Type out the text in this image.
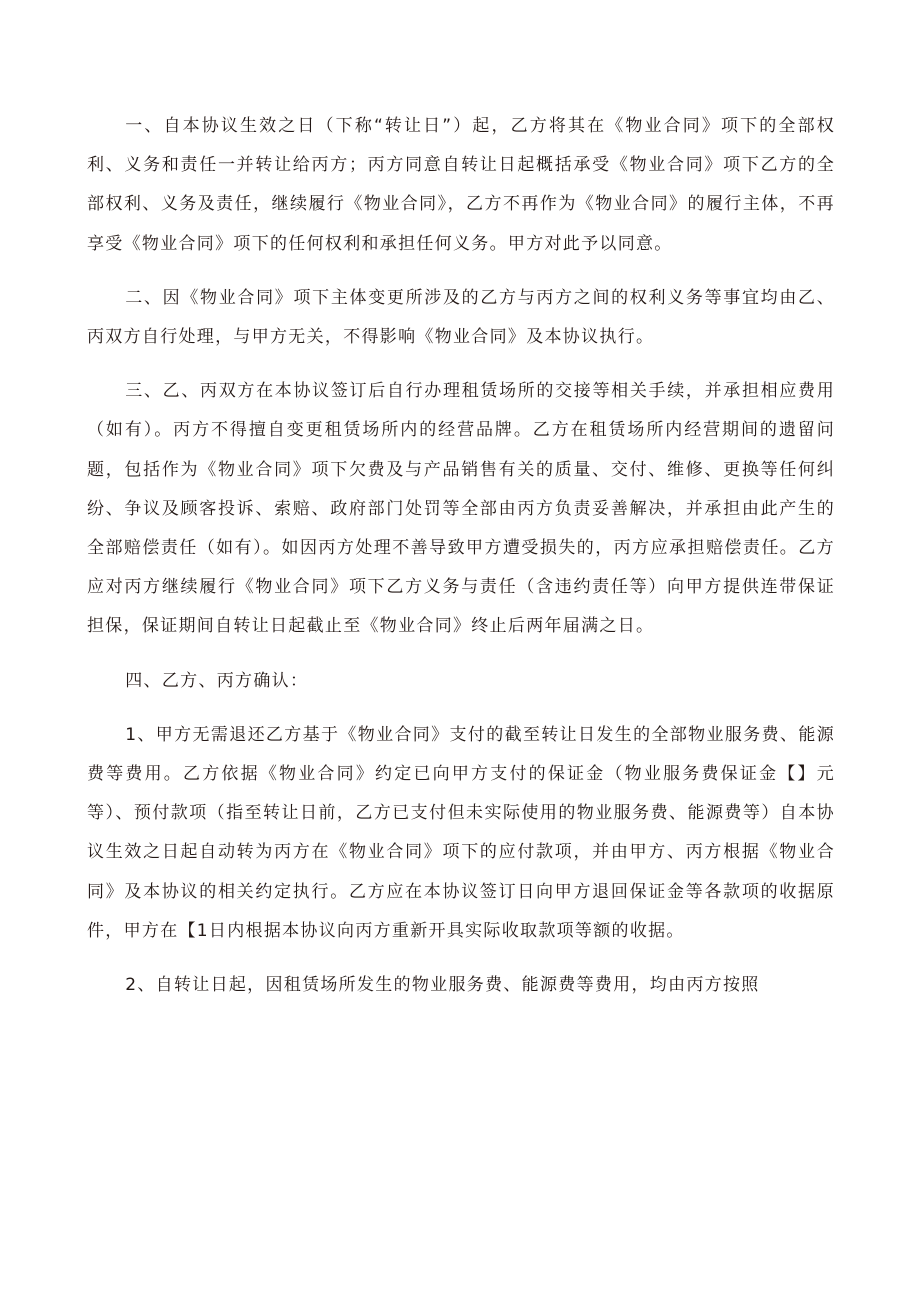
一、自本协议生效之日（下称“转让日”）起，乙方将其在《物业合同》项下的全部权利、义务和责任一并转让给丙方；丙方同意自转让日起概括承受《物业合同》项下乙方的全部权利、义务及责任，继续履行《物业合同》，乙方不再作为《物业合同》的履行主体，不再享受《物业合同》项下的任何权利和承担任何义务。甲方对此予以同意。

二、因《物业合同》项下主体变更所涉及的乙方与丙方之间的权利义务等事宜均由乙、丙双方自行处理，与甲方无关，不得影响《物业合同》及本协议执行。

三、乙、丙双方在本协议签订后自行办理租赁场所的交接等相关手续，并承担相应费用（如有）。丙方不得擅自变更租赁场所内的经营品牌。乙方在租赁场所内经营期间的遗留问题，包括作为《物业合同》项下欠费及与产品销售有关的质量、交付、维修、更换等任何纠纷、争议及顾客投诉、索赔、政府部门处罚等全部由丙方负责妥善解决，并承担由此产生的全部赔偿责任（如有）。如因丙方处理不善导致甲方遭受损失的，丙方应承担赔偿责任。乙方应对丙方继续履行《物业合同》项下乙方义务与责任（含违约责任等）向甲方提供连带保证担保，保证期间自转让日起截止至《物业合同》终止后两年届满之日。

四、乙方、丙方确认：

1、甲方无需退还乙方基于《物业合同》支付的截至转让日发生的全部物业服务费、能源费等费用。乙方依据《物业合同》约定已向甲方支付的保证金（物业服务费保证金【】元等）、预付款项（指至转让日前，乙方已支付但未实际使用的物业服务费、能源费等）自本协议生效之日起自动转为丙方在《物业合同》项下的应付款项，并由甲方、丙方根据《物业合同》及本协议的相关约定执行。乙方应在本协议签订日向甲方退回保证金等各款项的收据原件，甲方在【1日内根据本协议向丙方重新开具实际收取款项等额的收据。

2、自转让日起，因租赁场所发生的物业服务费、能源费等费用，均由丙方按照
